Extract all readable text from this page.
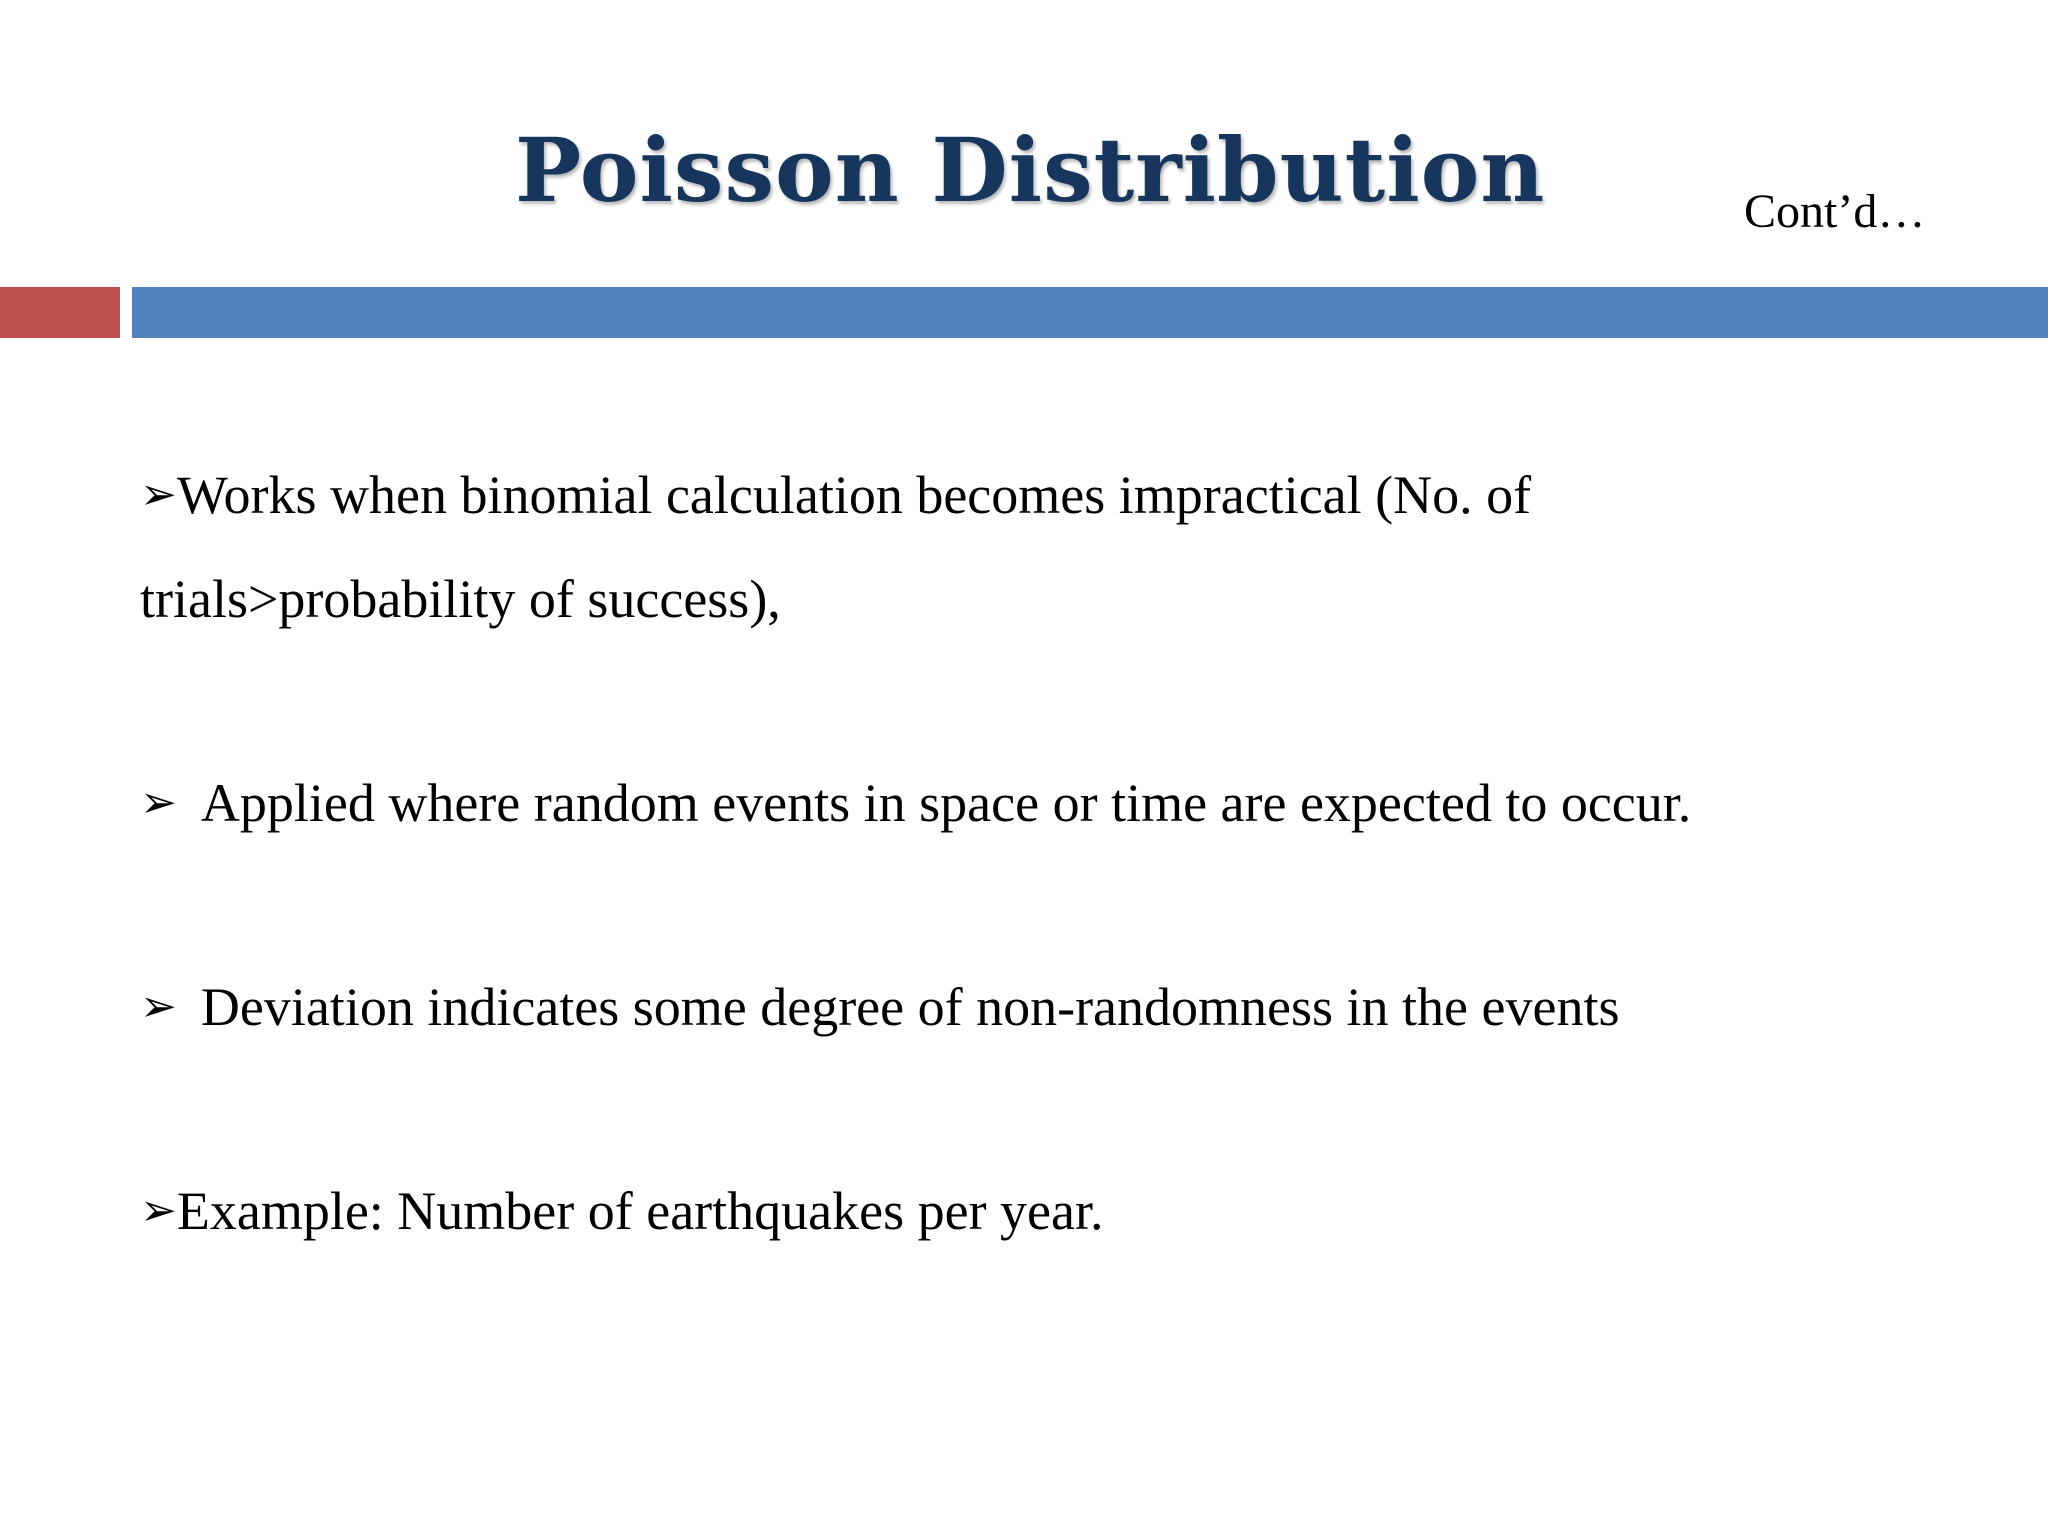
Poisson Distribution	Cont’d…
➢Works when binomial calculation becomes impractical (No. of
trials>probability of success),
➢ Applied where random events in space or time are expected to occur.
➢ Deviation indicates some degree of non-randomness in the events
➢Example: Number of earthquakes per year.
